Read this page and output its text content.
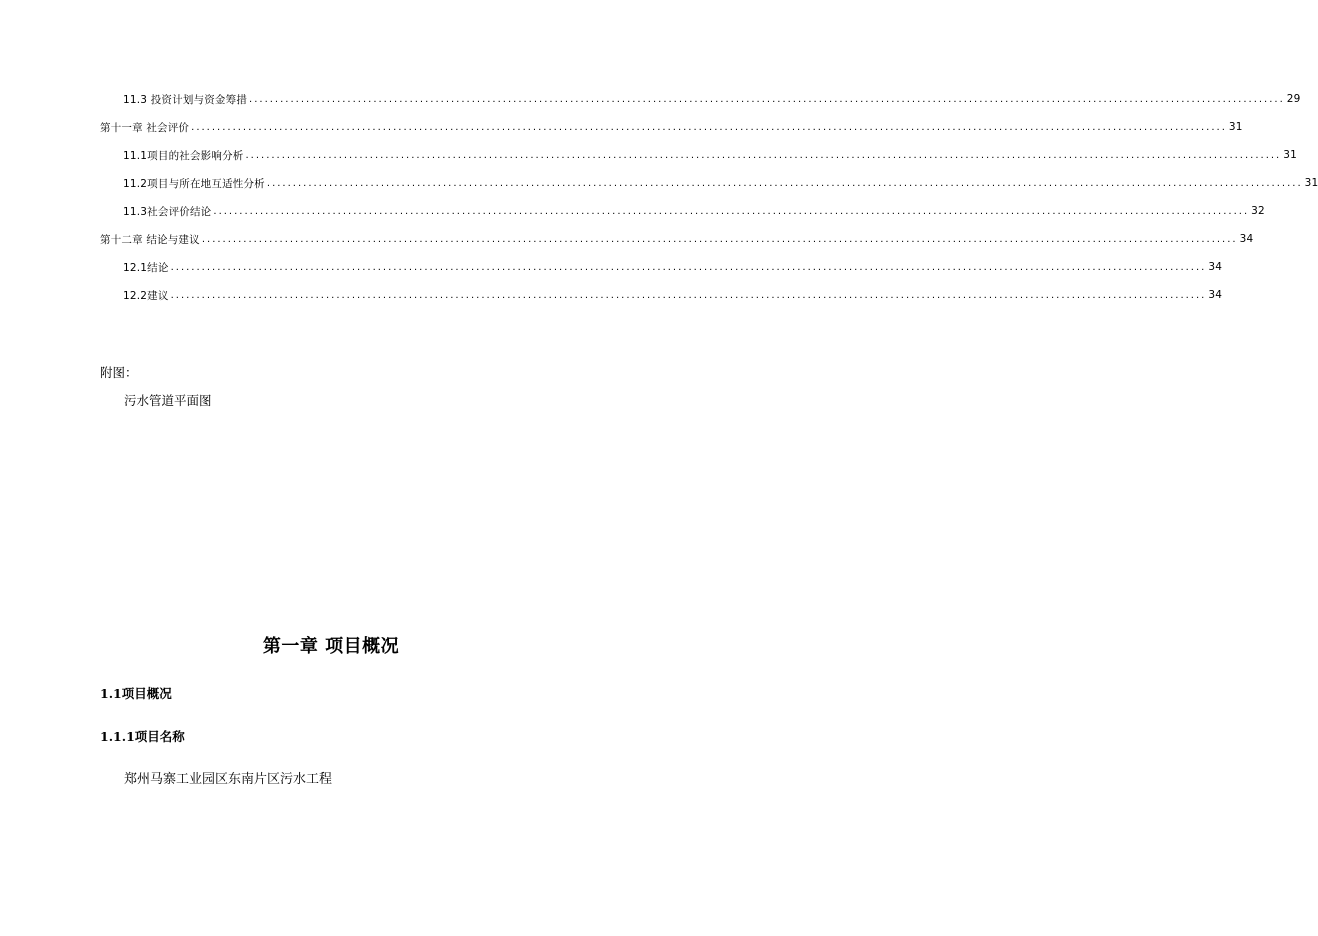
11.3 投资计划与资金筹措 ........................................................................................................................................................................................................ 29
第十一章 社会评价 ........................................................................................................................................................................................................ 31
11.1项目的社会影响分析 ........................................................................................................................................................................................................ 31
11.2项目与所在地互适性分析 ........................................................................................................................................................................................................ 31
11.3社会评价结论 ........................................................................................................................................................................................................ 32
第十二章 结论与建议 ........................................................................................................................................................................................................ 34
12.1结论 ........................................................................................................................................................................................................ 34
12.2建议 ........................................................................................................................................................................................................ 34
附图：
污水管道平面图
第一章 项目概况
1.1项目概况
1.1.1项目名称
郑州马寨工业园区东南片区污水工程
